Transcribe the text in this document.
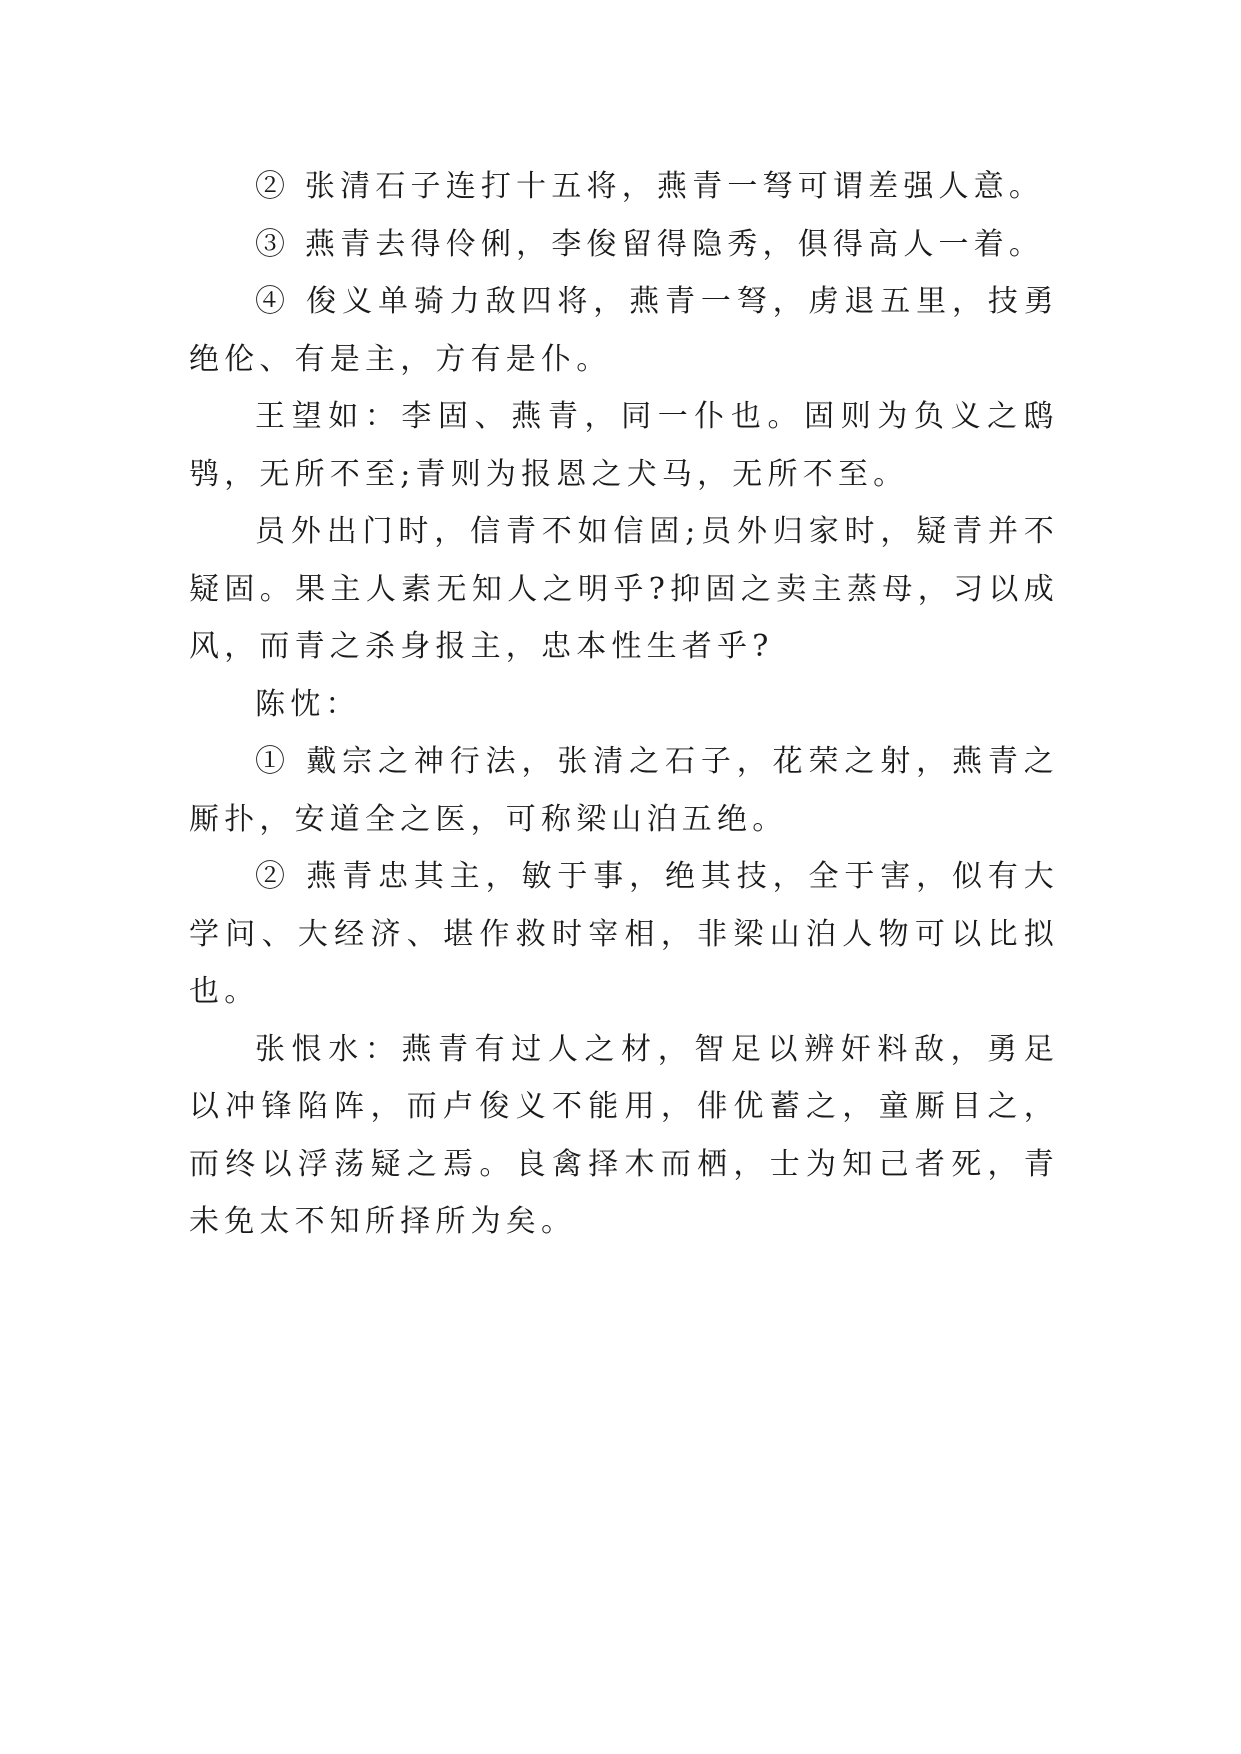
② 张清石子连打十五将，燕青一弩可谓差强人意。

③ 燕青去得伶俐，李俊留得隐秀，俱得高人一着。

④ 俊义单骑力敌四将，燕青一弩，虏退五里，技勇绝伦、有是主，方有是仆。

王望如：李固、燕青，同一仆也。固则为负义之鸱鸮，无所不至;青则为报恩之犬马，无所不至。

员外出门时，信青不如信固;员外归家时，疑青并不疑固。果主人素无知人之明乎?抑固之卖主蒸母，习以成风，而青之杀身报主，忠本性生者乎?

陈忱：

① 戴宗之神行法，张清之石子，花荣之射，燕青之厮扑，安道全之医，可称梁山泊五绝。

② 燕青忠其主，敏于事，绝其技，全于害，似有大学问、大经济、堪作救时宰相，非梁山泊人物可以比拟也。

张恨水：燕青有过人之材，智足以辨奸料敌，勇足以冲锋陷阵，而卢俊义不能用，俳优蓄之，童厮目之，而终以浮荡疑之焉。良禽择木而栖，士为知己者死，青未免太不知所择所为矣。
